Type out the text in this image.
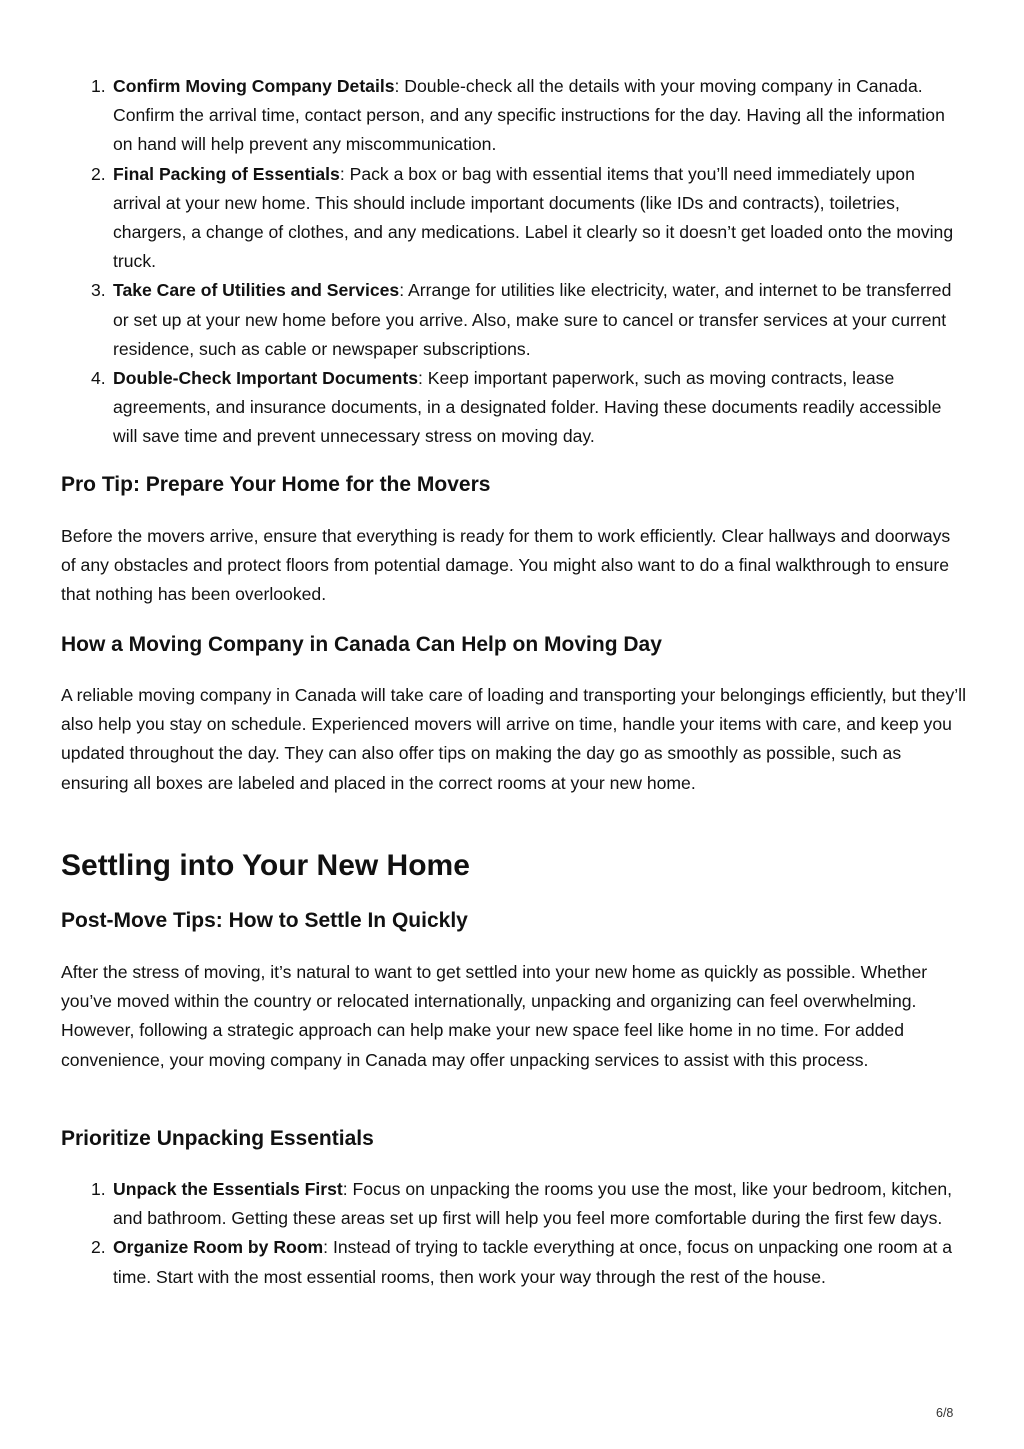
1. Confirm Moving Company Details: Double-check all the details with your moving company in Canada. Confirm the arrival time, contact person, and any specific instructions for the day. Having all the information on hand will help prevent any miscommunication.
2. Final Packing of Essentials: Pack a box or bag with essential items that you’ll need immediately upon arrival at your new home. This should include important documents (like IDs and contracts), toiletries, chargers, a change of clothes, and any medications. Label it clearly so it doesn’t get loaded onto the moving truck.
3. Take Care of Utilities and Services: Arrange for utilities like electricity, water, and internet to be transferred or set up at your new home before you arrive. Also, make sure to cancel or transfer services at your current residence, such as cable or newspaper subscriptions.
4. Double-Check Important Documents: Keep important paperwork, such as moving contracts, lease agreements, and insurance documents, in a designated folder. Having these documents readily accessible will save time and prevent unnecessary stress on moving day.
Pro Tip: Prepare Your Home for the Movers

Before the movers arrive, ensure that everything is ready for them to work efficiently. Clear hallways and doorways of any obstacles and protect floors from potential damage. You might also want to do a final walkthrough to ensure that nothing has been overlooked.

How a Moving Company in Canada Can Help on Moving Day

A reliable moving company in Canada will take care of loading and transporting your belongings efficiently, but they’ll also help you stay on schedule. Experienced movers will arrive on time, handle your items with care, and keep you updated throughout the day. They can also offer tips on making the day go as smoothly as possible, such as ensuring all boxes are labeled and placed in the correct rooms at your new home.

Settling into Your New Home
Post-Move Tips: How to Settle In Quickly

After the stress of moving, it’s natural to want to get settled into your new home as quickly as possible. Whether you’ve moved within the country or relocated internationally, unpacking and organizing can feel overwhelming. However, following a strategic approach can help make your new space feel like home in no time. For added convenience, your moving company in Canada may offer unpacking services to assist with this process.

Prioritize Unpacking Essentials
1. Unpack the Essentials First: Focus on unpacking the rooms you use the most, like your bedroom, kitchen, and bathroom. Getting these areas set up first will help you feel more comfortable during the first few days.
2. Organize Room by Room: Instead of trying to tackle everything at once, focus on unpacking one room at a time. Start with the most essential rooms, then work your way through the rest of the house.
6/8
